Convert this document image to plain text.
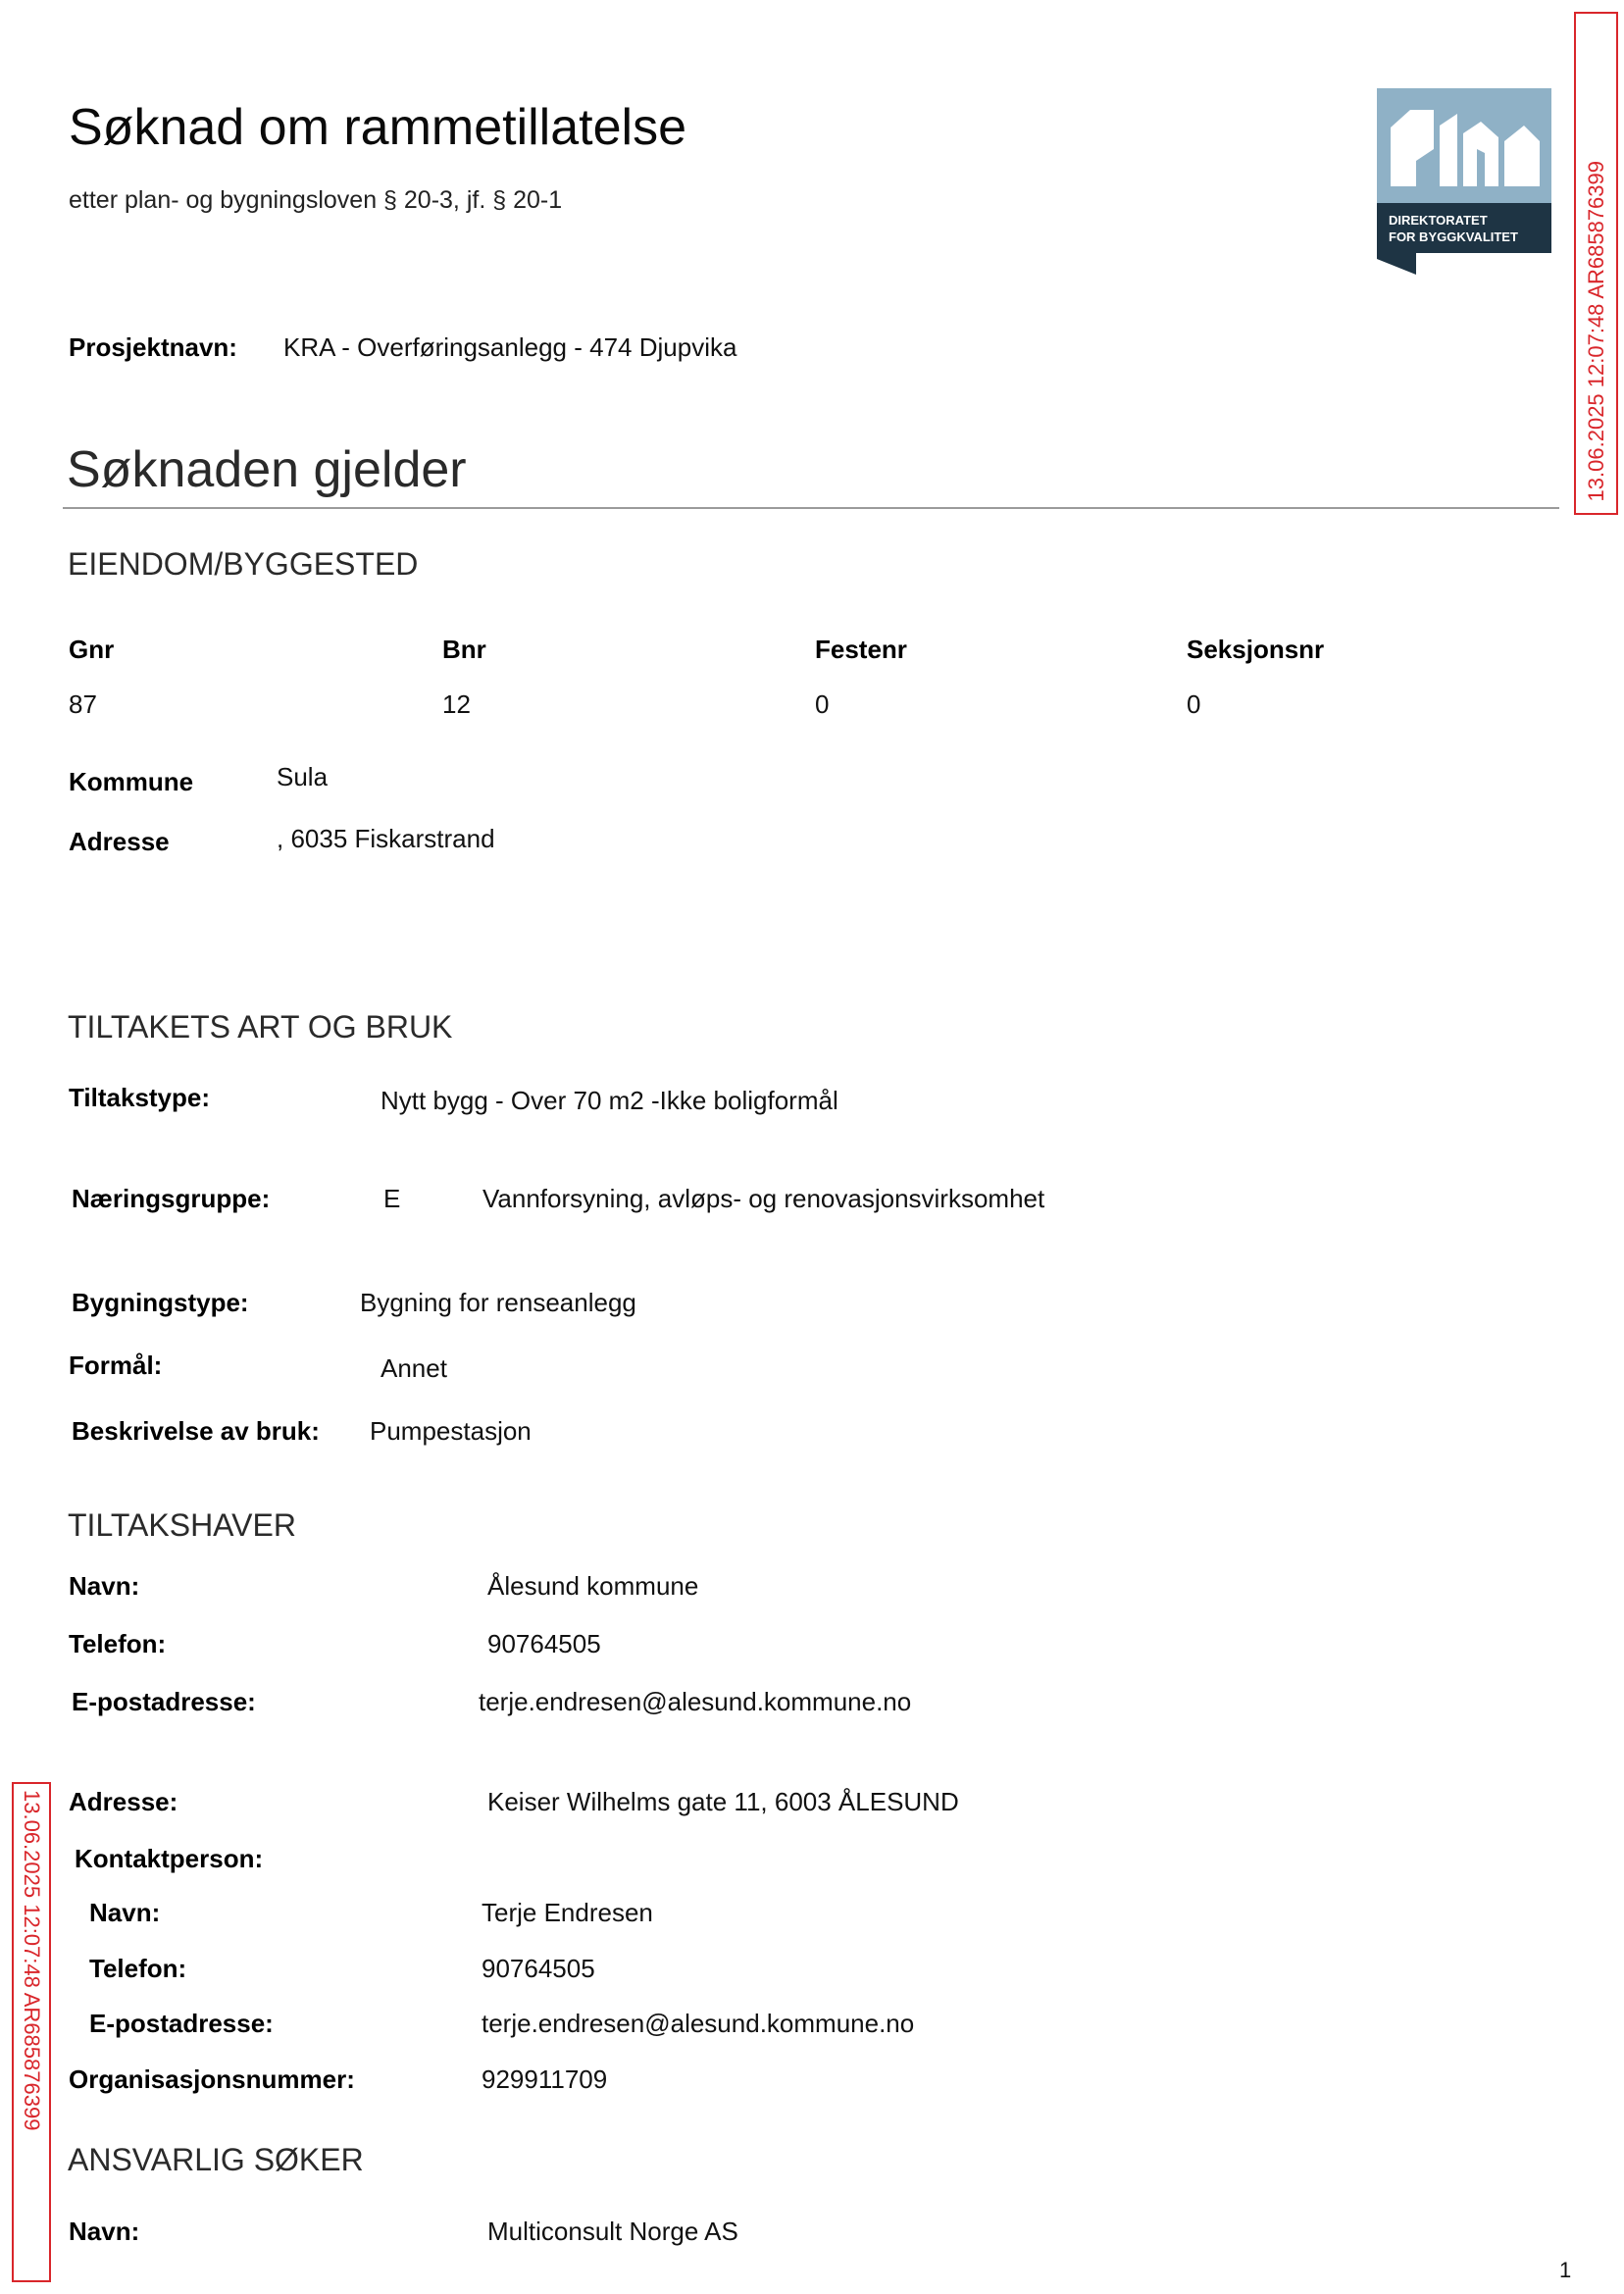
Søknad om rammetillatelse
etter plan- og bygningsloven § 20-3, jf. § 20-1
DIREKTORATET
FOR BYGGKVALITET	13.06.2025 12:07:48 AR685876399
Prosjektnavn: KRA - Overføringsanlegg - 474 Djupvika
Søknaden gjelder
EIENDOM/BYGGESTED
Gnr	Bnr	Festenr	Seksjonsnr
87	12	0	0
Kommune	Sula
Adresse	, 6035 Fiskarstrand
TILTAKETS ART OG BRUK
Tiltakstype:	Nytt bygg - Over 70 m2 -Ikke boligformål
Næringsgruppe:	E	Vannforsyning, avløps- og renovasjonsvirksomhet
Bygningstype:	Bygning for renseanlegg
Formål:	Annet
Beskrivelse av bruk: Pumpestasjon
TILTAKSHAVER
Navn:	Ålesund kommune
Telefon:	90764505
E-postadresse:	terje.endresen@alesund.kommune.no
13.06.2025 12:07:48 AR685876399 Adresse:	Keiser Wilhelms gate 11, 6003 ÅLESUND
Kontaktperson:
Navn:	Terje Endresen
Telefon:	90764505
E-postadresse:	terje.endresen@alesund.kommune.no
Organisasjonsnummer:	929911709
ANSVARLIG SØKER
Navn:	Multiconsult Norge AS
1
